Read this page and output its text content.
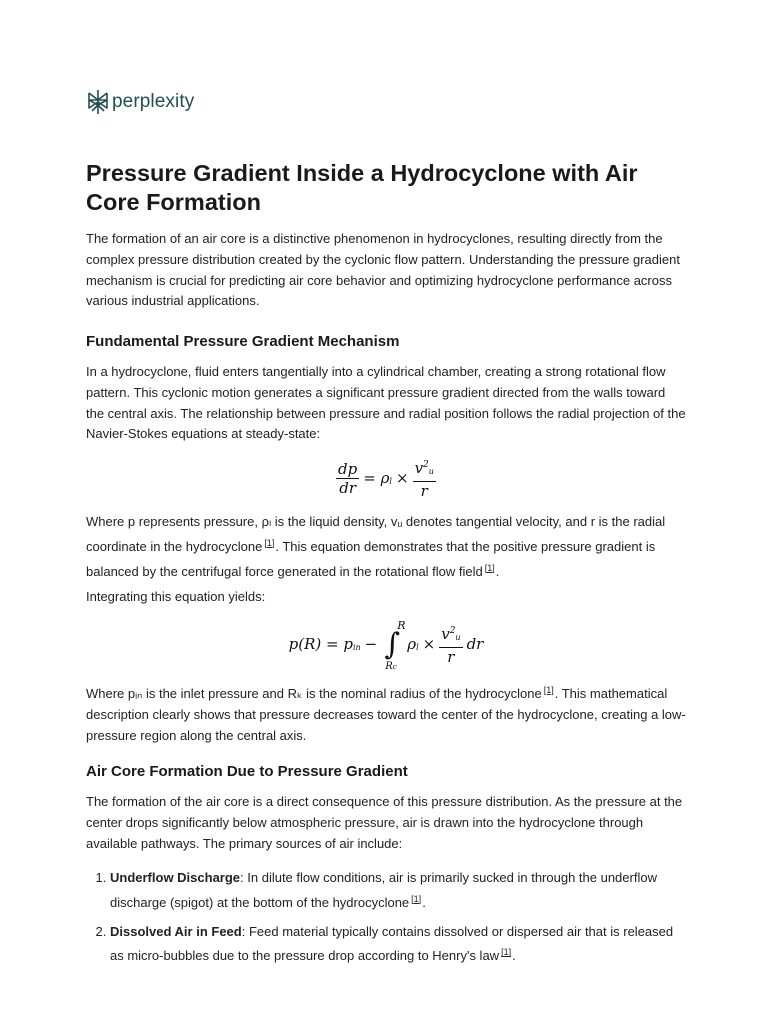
perplexity
Pressure Gradient Inside a Hydrocyclone with Air Core Formation

The formation of an air core is a distinctive phenomenon in hydrocyclones, resulting directly from the complex pressure distribution created by the cyclonic flow pattern. Understanding the pressure gradient mechanism is crucial for predicting air core behavior and optimizing hydrocyclone performance across various industrial applications.

Fundamental Pressure Gradient Mechanism

In a hydrocyclone, fluid enters tangentially into a cylindrical chamber, creating a strong rotational flow pattern. This cyclonic motion generates a significant pressure gradient directed from the walls toward the central axis. The relationship between pressure and radial position follows the radial projection of the Navier-Stokes equations at steady-state:

$\frac{dp}{dr} = \rho l \times \frac{v^2u}{r}$

Where p represents pressure, ρₗ is the liquid density, vᵤ denotes tangential velocity, and r is the radial coordinate in the hydrocyclone [1]. This equation demonstrates that the positive pressure gradient is balanced by the centrifugal force generated in the rotational flow field [1].

Integrating this equation yields:

p(R) = pin − ∫
R
Rc
$\rho l \times \frac{v^2u}{r}$ dr

Where pᵢₙ is the inlet pressure and Rₖ is the nominal radius of the hydrocyclone [1]. This mathematical description clearly shows that pressure decreases toward the center of the hydrocyclone, creating a low-pressure region along the central axis.

Air Core Formation Due to Pressure Gradient

The formation of the air core is a direct consequence of this pressure distribution. As the pressure at the center drops significantly below atmospheric pressure, air is drawn into the hydrocyclone through available pathways. The primary sources of air include:

1. Underflow Discharge: In dilute flow conditions, air is primarily sucked in through the underflow discharge (spigot) at the bottom of the hydrocyclone [1].
2. Dissolved Air in Feed: Feed material typically contains dissolved or dispersed air that is released as micro-bubbles due to the pressure drop according to Henry's law [1].
